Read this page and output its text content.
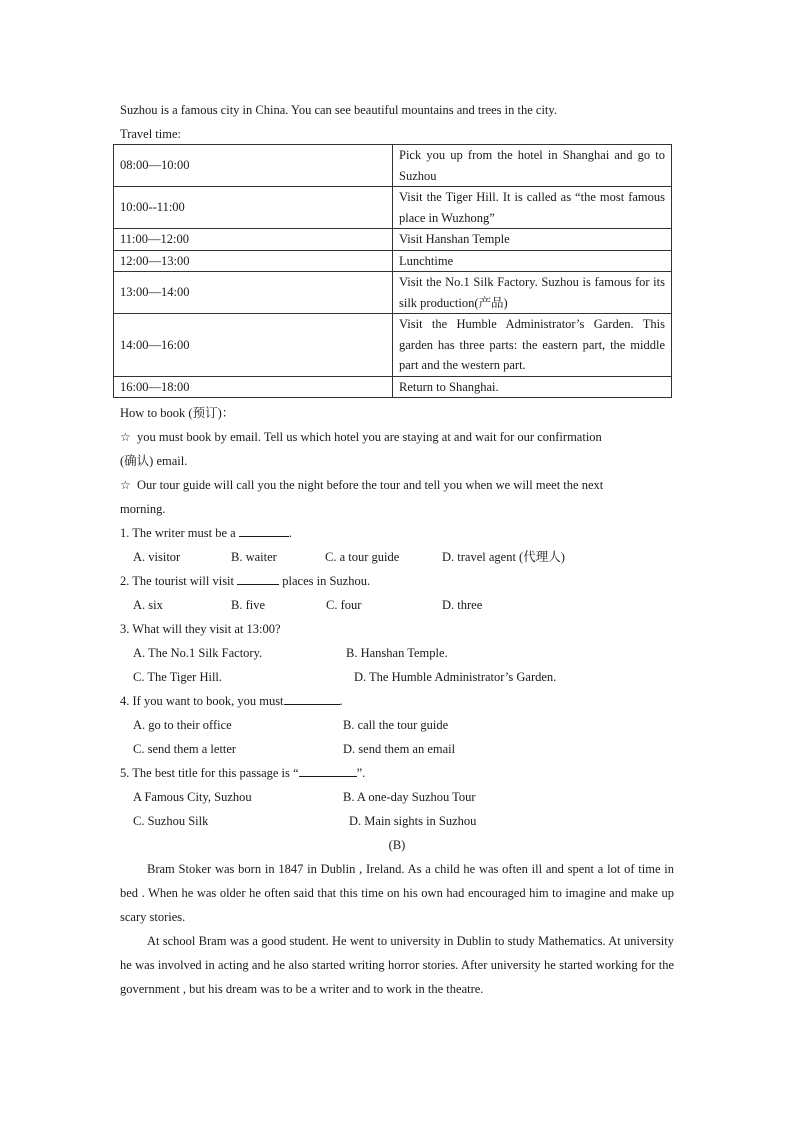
Suzhou is a famous city in China. You can see beautiful mountains and trees in the city.
Travel time:
08:00—10:00	Pick you up from the hotel in Shanghai and go to Suzhou
10:00--11:00	Visit the Tiger Hill. It is called as “the most famous place in Wuzhong”
11:00—12:00	Visit Hanshan Temple
12:00—13:00	Lunchtime
13:00—14:00	Visit the No.1 Silk Factory. Suzhou is famous for its silk production(产品)
14:00—16:00	Visit the Humble Administrator’s Garden. This garden has three parts: the eastern part, the middle part and the western part.
16:00—18:00	Return to Shanghai.
How to book (预订)：
☆ you must book by email. Tell us which hotel you are staying at and wait for our confirmation
(确认) email.
☆ Our tour guide will call you the night before the tour and tell you when we will meet the next
morning.
1. The writer must be a	.
A. visitor	B. waiter	C. a tour guide	D. travel agent (代理人)
2. The tourist will visit	places in Suzhou.
A. six	B. five	C. four	D. three
3. What will they visit at 13:00?
A. The No.1 Silk Factory.	B. Hanshan Temple.
C. The Tiger Hill.	D. The Humble Administrator’s Garden.
4. If you want to book, you must	.
A. go to their office	B. call the tour guide
C. send them a letter	D. send them an email
5. The best title for this passage is “	”.
A Famous City, Suzhou	B. A one-day Suzhou Tour
C. Suzhou Silk	D. Main sights in Suzhou
(B)

Bram Stoker was born in 1847 in Dublin , Ireland. As a child he was often ill and spent a lot of time in bed . When he was older he often said that this time on his own had encouraged him to imagine and make up scary stories.

At school Bram was a good student. He went to university in Dublin to study Mathematics. At university he was involved in acting and he also started writing horror stories. After university he started working for the government , but his dream was to be a writer and to work in the theatre.
